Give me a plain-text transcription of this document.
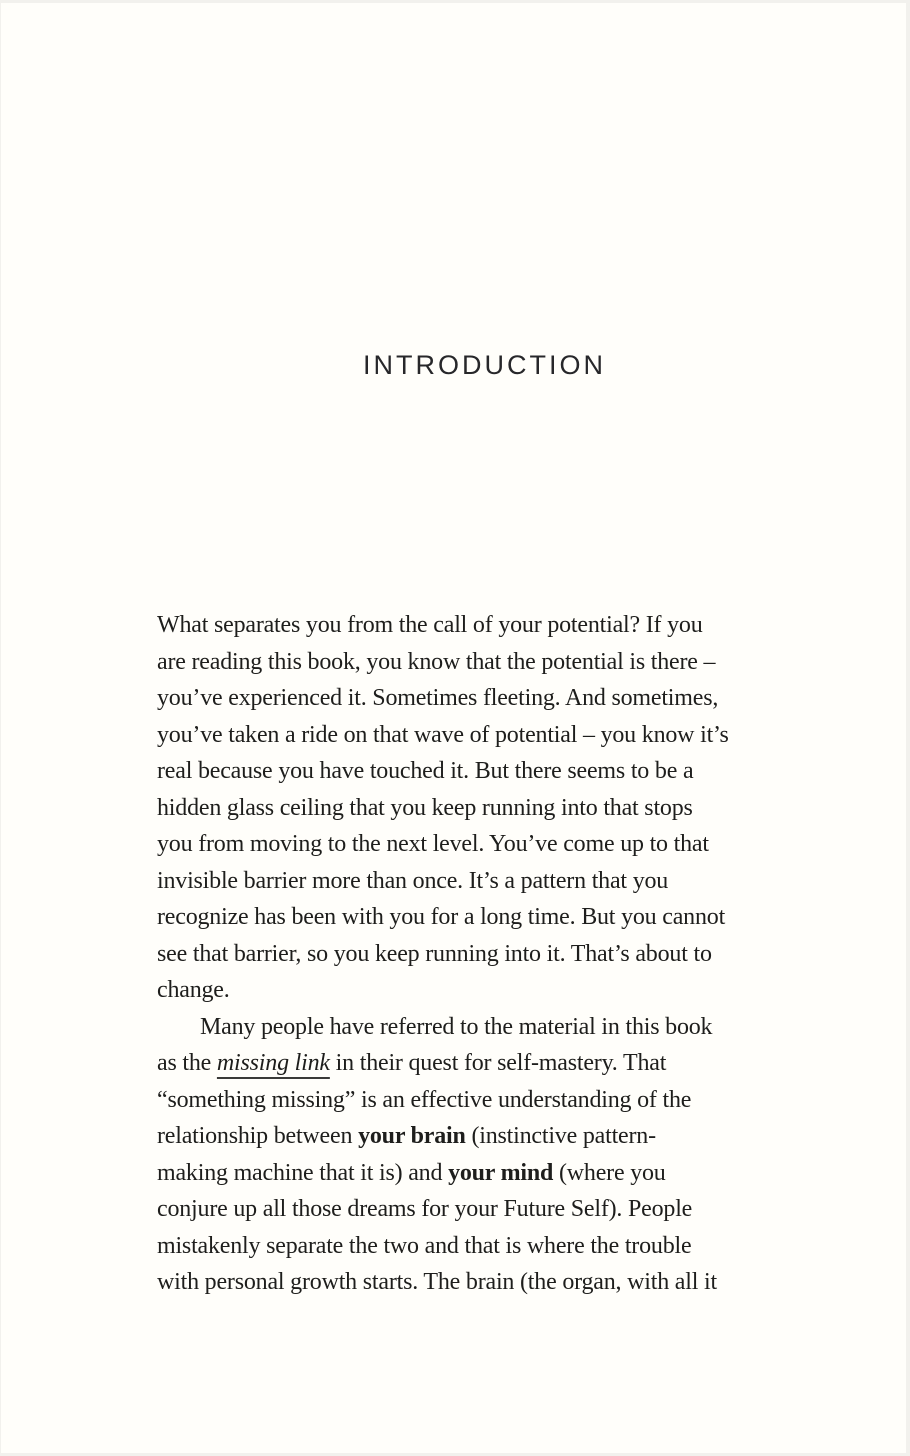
INTRODUCTION
What separates you from the call of your potential? If you
are reading this book, you know that the potential is there –
you’ve experienced it. Sometimes fleeting. And sometimes,
you’ve taken a ride on that wave of potential – you know it’s
real because you have touched it. But there seems to be a
hidden glass ceiling that you keep running into that stops
you from moving to the next level. You’ve come up to that
invisible barrier more than once. It’s a pattern that you
recognize has been with you for a long time. But you cannot
see that barrier, so you keep running into it. That’s about to
change.
Many people have referred to the material in this book
as the missing link in their quest for self-mastery. That
“something missing” is an effective understanding of the
relationship between your brain (instinctive pattern-
making machine that it is) and your mind (where you
conjure up all those dreams for your Future Self). People
mistakenly separate the two and that is where the trouble
with personal growth starts. The brain (the organ, with all it
